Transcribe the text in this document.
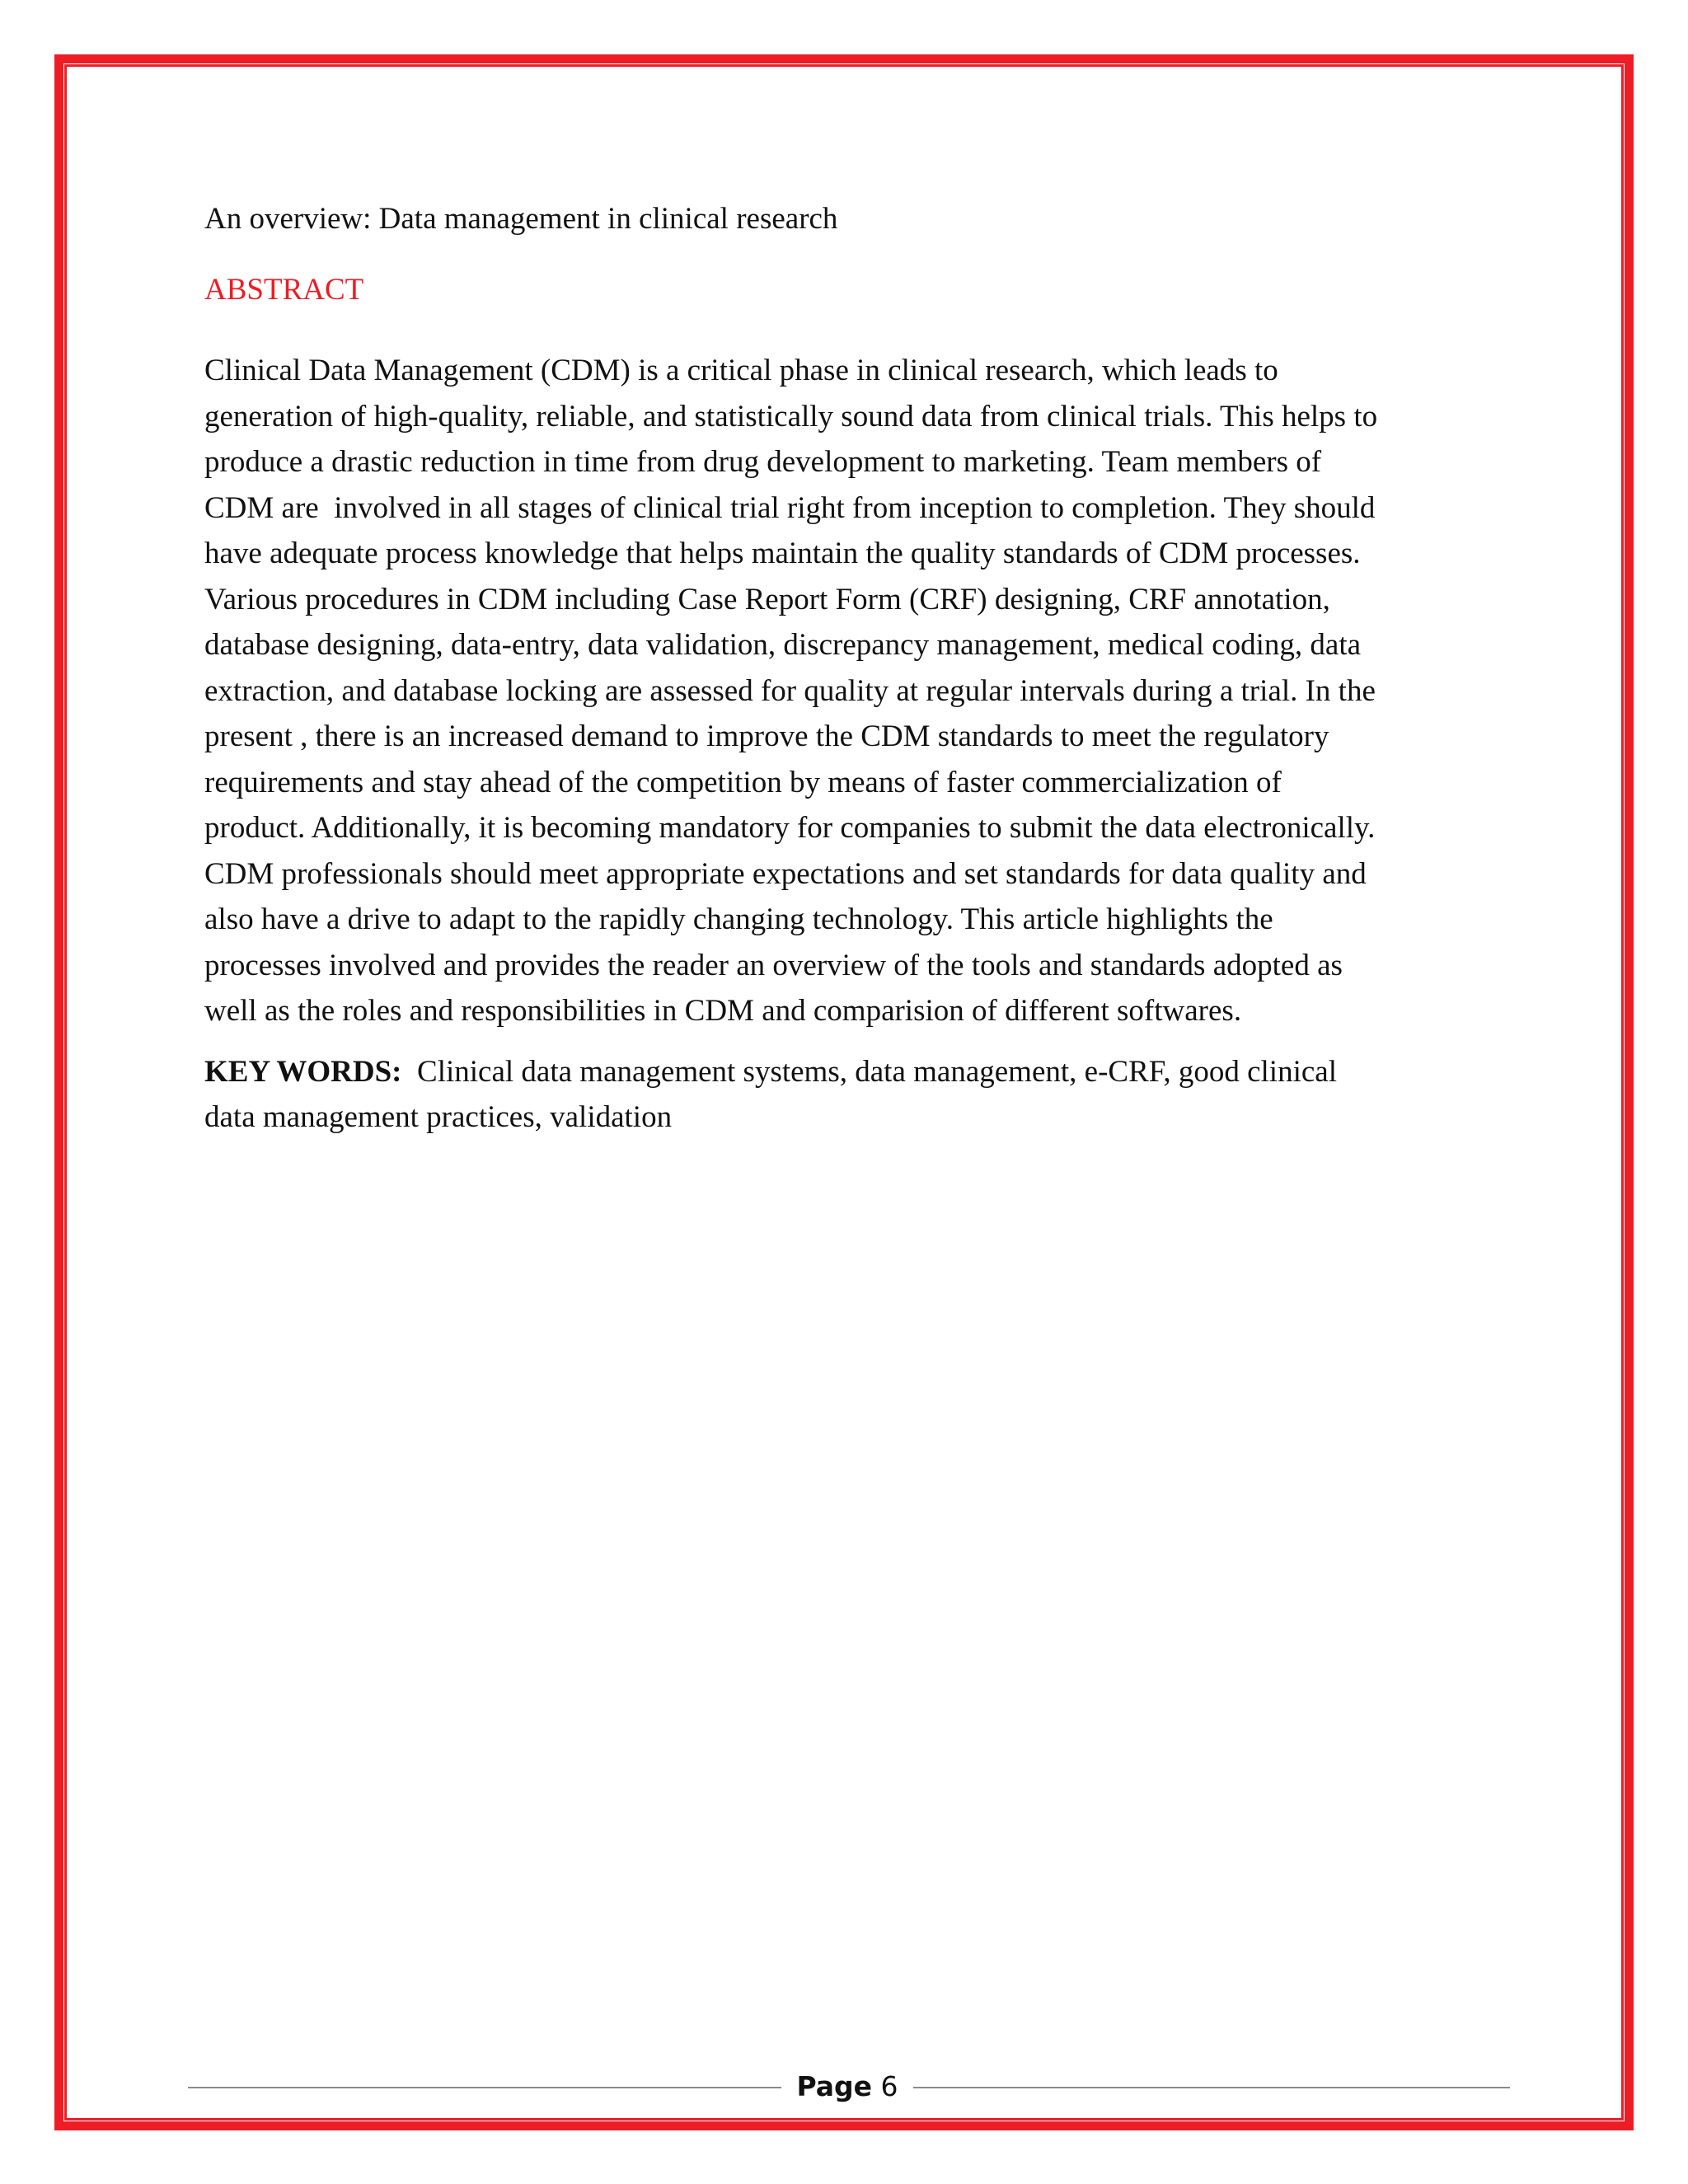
An overview: Data management in clinical research
ABSTRACT

Clinical Data Management (CDM) is a critical phase in clinical research, which leads to
generation of high-quality, reliable, and statistically sound data from clinical trials. This helps to
produce a drastic reduction in time from drug development to marketing. Team members of
CDM are  involved in all stages of clinical trial right from inception to completion. They should
have adequate process knowledge that helps maintain the quality standards of CDM processes.
Various procedures in CDM including Case Report Form (CRF) designing, CRF annotation,
database designing, data-entry, data validation, discrepancy management, medical coding, data
extraction, and database locking are assessed for quality at regular intervals during a trial. In the
present , there is an increased demand to improve the CDM standards to meet the regulatory
requirements and stay ahead of the competition by means of faster commercialization of
product. Additionally, it is becoming mandatory for companies to submit the data electronically.
CDM professionals should meet appropriate expectations and set standards for data quality and
also have a drive to adapt to the rapidly changing technology. This article highlights the
processes involved and provides the reader an overview of the tools and standards adopted as
well as the roles and responsibilities in CDM and comparision of different softwares.

KEY WORDS: Clinical data management systems, data management, e-CRF, good clinical
data management practices, validation

Page 6
